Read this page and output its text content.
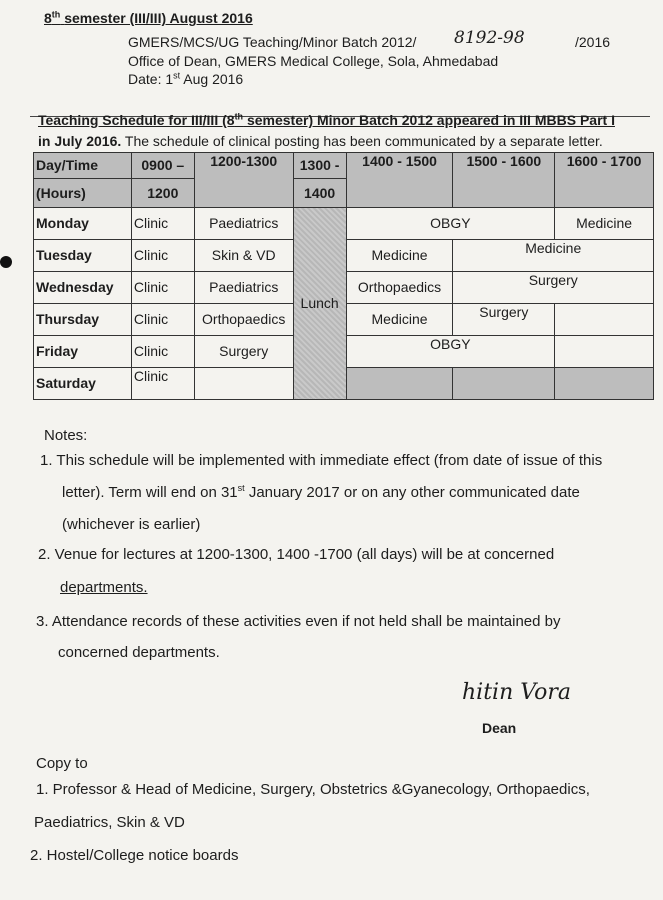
8th semester (III/III) August 2016
GMERS/MCS/UG Teaching/Minor Batch 2012/ 8192-98	/2016
Office of Dean, GMERS Medical College, Sola, Ahmedabad
Date: 1st Aug 2016
Teaching Schedule for III/III (8th semester) Minor Batch 2012 appeared in III MBBS Part I
in July 2016. The schedule of clinical posting has been communicated by a separate letter.
Day/Time	0900 –	1200-1300	1300 -	1400 - 1500	1500 - 1600	1600 - 1700
(Hours)	1200		1400			
Monday	Clinic	Paediatrics	Lunch	OBGY		Medicine
Tuesday	Clinic	Skin & VD		Medicine	Medicine	
Wednesday	Clinic	Paediatrics		Orthopaedics	Surgery	
Thursday	Clinic	Orthopaedics		Medicine	Surgery	
Friday	Clinic	Surgery		OBGY		
Saturday	Clinic					
Notes:
1. This schedule will be implemented with immediate effect (from date of issue of this
letter). Term will end on 31st January 2017 or on any other communicated date
(whichever is earlier)
2. Venue for lectures at 1200-1300, 1400 -1700 (all days) will be at concerned
departments.
3. Attendance records of these activities even if not held shall be maintained by
concerned departments.
hitin Vora
Dean
Copy to
1. Professor & Head of Medicine, Surgery, Obstetrics &Gyanecology, Orthopaedics,
Paediatrics, Skin & VD
2. Hostel/College notice boards
